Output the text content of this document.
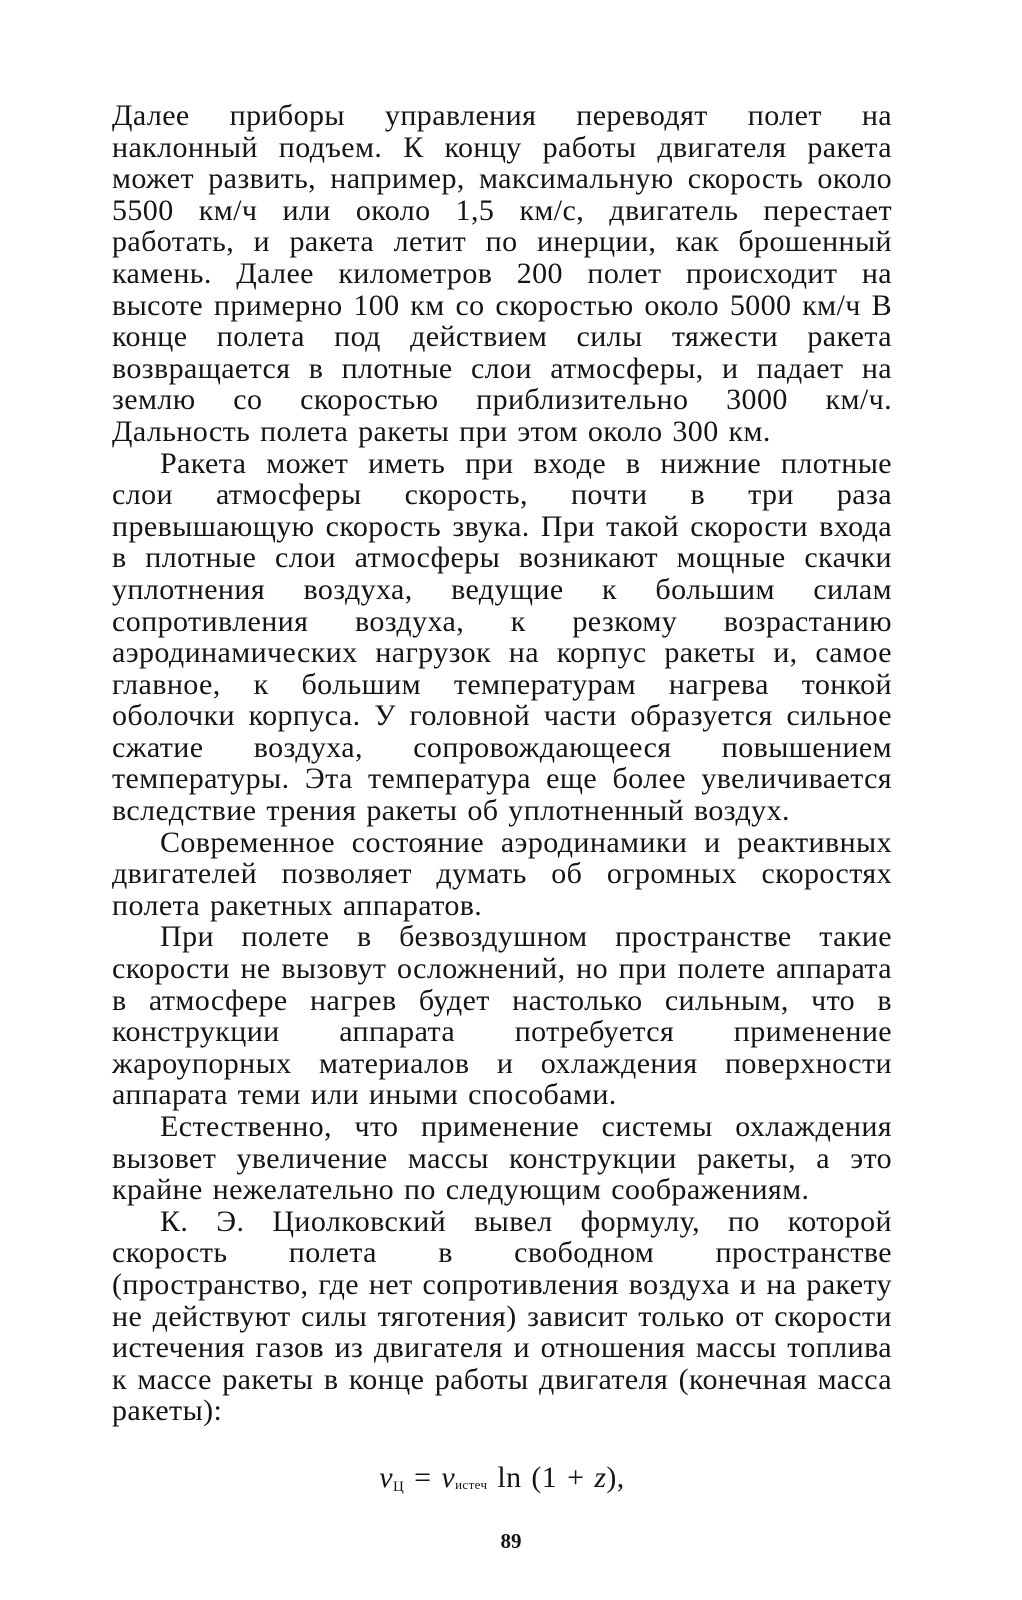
Далее приборы управления переводят полет на наклонный подъем. К концу работы двигателя ракета может развить, например, максимальную скорость около 5500 км/ч или около 1,5 км/с, двигатель перестает работать, и ракета летит по инерции, как брошенный камень. Далее километров 200 полет происходит на высоте примерно 100 км со скоростью около 5000 км/ч В конце полета под действием силы тяжести ракета возвращается в плотные слои атмосферы, и падает на землю со скоростью приблизительно 3000 км/ч. Дальность полета ракеты при этом около 300 км.

Ракета может иметь при входе в нижние плотные слои атмосферы скорость, почти в три раза превышающую скорость звука. При такой скорости входа в плотные слои атмосферы возникают мощные скачки уплотнения воздуха, ведущие к большим силам сопротивления воздуха, к резкому возрастанию аэродинамических нагрузок на корпус ракеты и, самое главное, к большим температурам нагрева тонкой оболочки корпуса. У головной части образуется сильное сжатие воздуха, сопровождающееся повышением температуры. Эта температура еще более увеличивается вследствие трения ракеты об уплотненный воздух.

Современное состояние аэродинамики и реактивных двигателей позволяет думать об огромных скоростях полета ракетных аппаратов.

При полете в безвоздушном пространстве такие скорости не вызовут осложнений, но при полете аппарата в атмосфере нагрев будет настолько сильным, что в конструкции аппарата потребуется применение жароупорных материалов и охлаждения поверхности аппарата теми или иными способами.

Естественно, что применение системы охлаждения вызовет увеличение массы конструкции ракеты, а это крайне нежелательно по следующим соображениям.

К. Э. Циолковский вывел формулу, по которой скорость полета в свободном пространстве (пространство, где нет сопротивления воздуха и на ракету не действуют силы тяготения) зависит только от скорости истечения газов из двигателя и отношения массы топлива к массе ракеты в конце работы двигателя (конечная масса ракеты):

$v_Ц$ = vистеч ln (1 + z),
89
